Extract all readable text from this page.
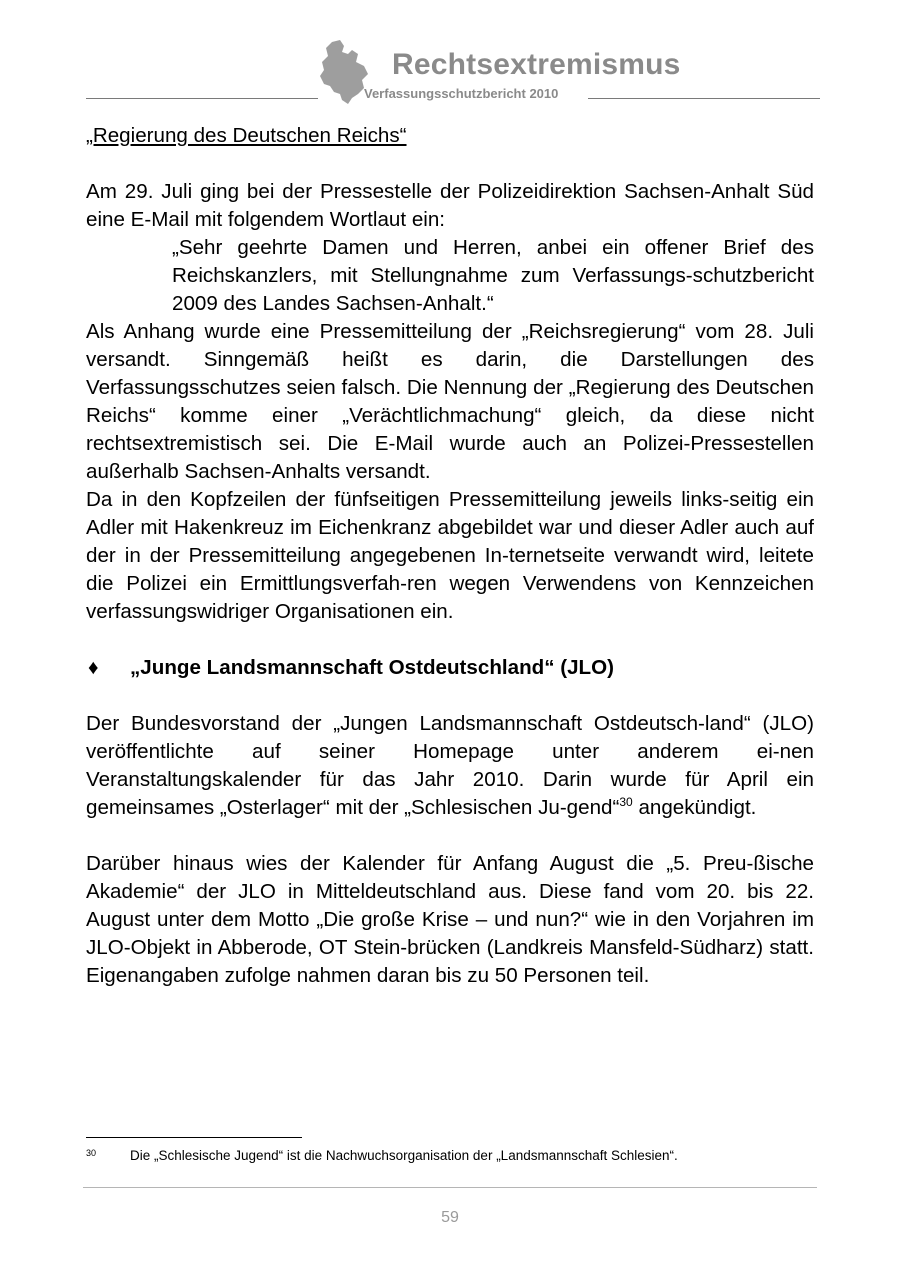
Rechtsextremismus
Verfassungsschutzbericht 2010

„Regierung des Deutschen Reichs“

Am 29. Juli ging bei der Pressestelle der Polizeidirektion Sachsen-Anhalt Süd eine E-Mail mit folgendem Wortlaut ein:

„Sehr geehrte Damen und Herren, anbei ein offener Brief des Reichskanzlers, mit Stellungnahme zum Verfassungs-schutzbericht 2009 des Landes Sachsen-Anhalt.“

Als Anhang wurde eine Pressemitteilung der „Reichsregierung“ vom 28. Juli versandt. Sinngemäß heißt es darin, die Darstellungen des Verfassungsschutzes seien falsch. Die Nennung der „Regierung des Deutschen Reichs“ komme einer „Verächtlichmachung“ gleich, da diese nicht rechtsextremistisch sei. Die E-Mail wurde auch an Polizei-Pressestellen außerhalb Sachsen-Anhalts versandt.

Da in den Kopfzeilen der fünfseitigen Pressemitteilung jeweils links-seitig ein Adler mit Hakenkreuz im Eichenkranz abgebildet war und dieser Adler auch auf der in der Pressemitteilung angegebenen In-ternetseite verwandt wird, leitete die Polizei ein Ermittlungsverfah-ren wegen Verwendens von Kennzeichen verfassungswidriger Organisationen ein.

♦	„Junge Landsmannschaft Ostdeutschland“ (JLO)

Der Bundesvorstand der „Jungen Landsmannschaft Ostdeutsch-land“ (JLO) veröffentlichte auf seiner Homepage unter anderem ei-nen Veranstaltungskalender für das Jahr 2010. Darin wurde für April ein gemeinsames „Osterlager“ mit der „Schlesischen Ju-gend“$^{30}$ angekündigt.

Darüber hinaus wies der Kalender für Anfang August die „5. Preu-ßische Akademie“ der JLO in Mitteldeutschland aus. Diese fand vom 20. bis 22. August unter dem Motto „Die große Krise – und nun?“ wie in den Vorjahren im JLO-Objekt in Abberode, OT Stein-brücken (Landkreis Mansfeld-Südharz) statt. Eigenangaben zufolge nahmen daran bis zu 50 Personen teil.

30	Die „Schlesische Jugend“ ist die Nachwuchsorganisation der „Landsmannschaft Schlesien“.
59
